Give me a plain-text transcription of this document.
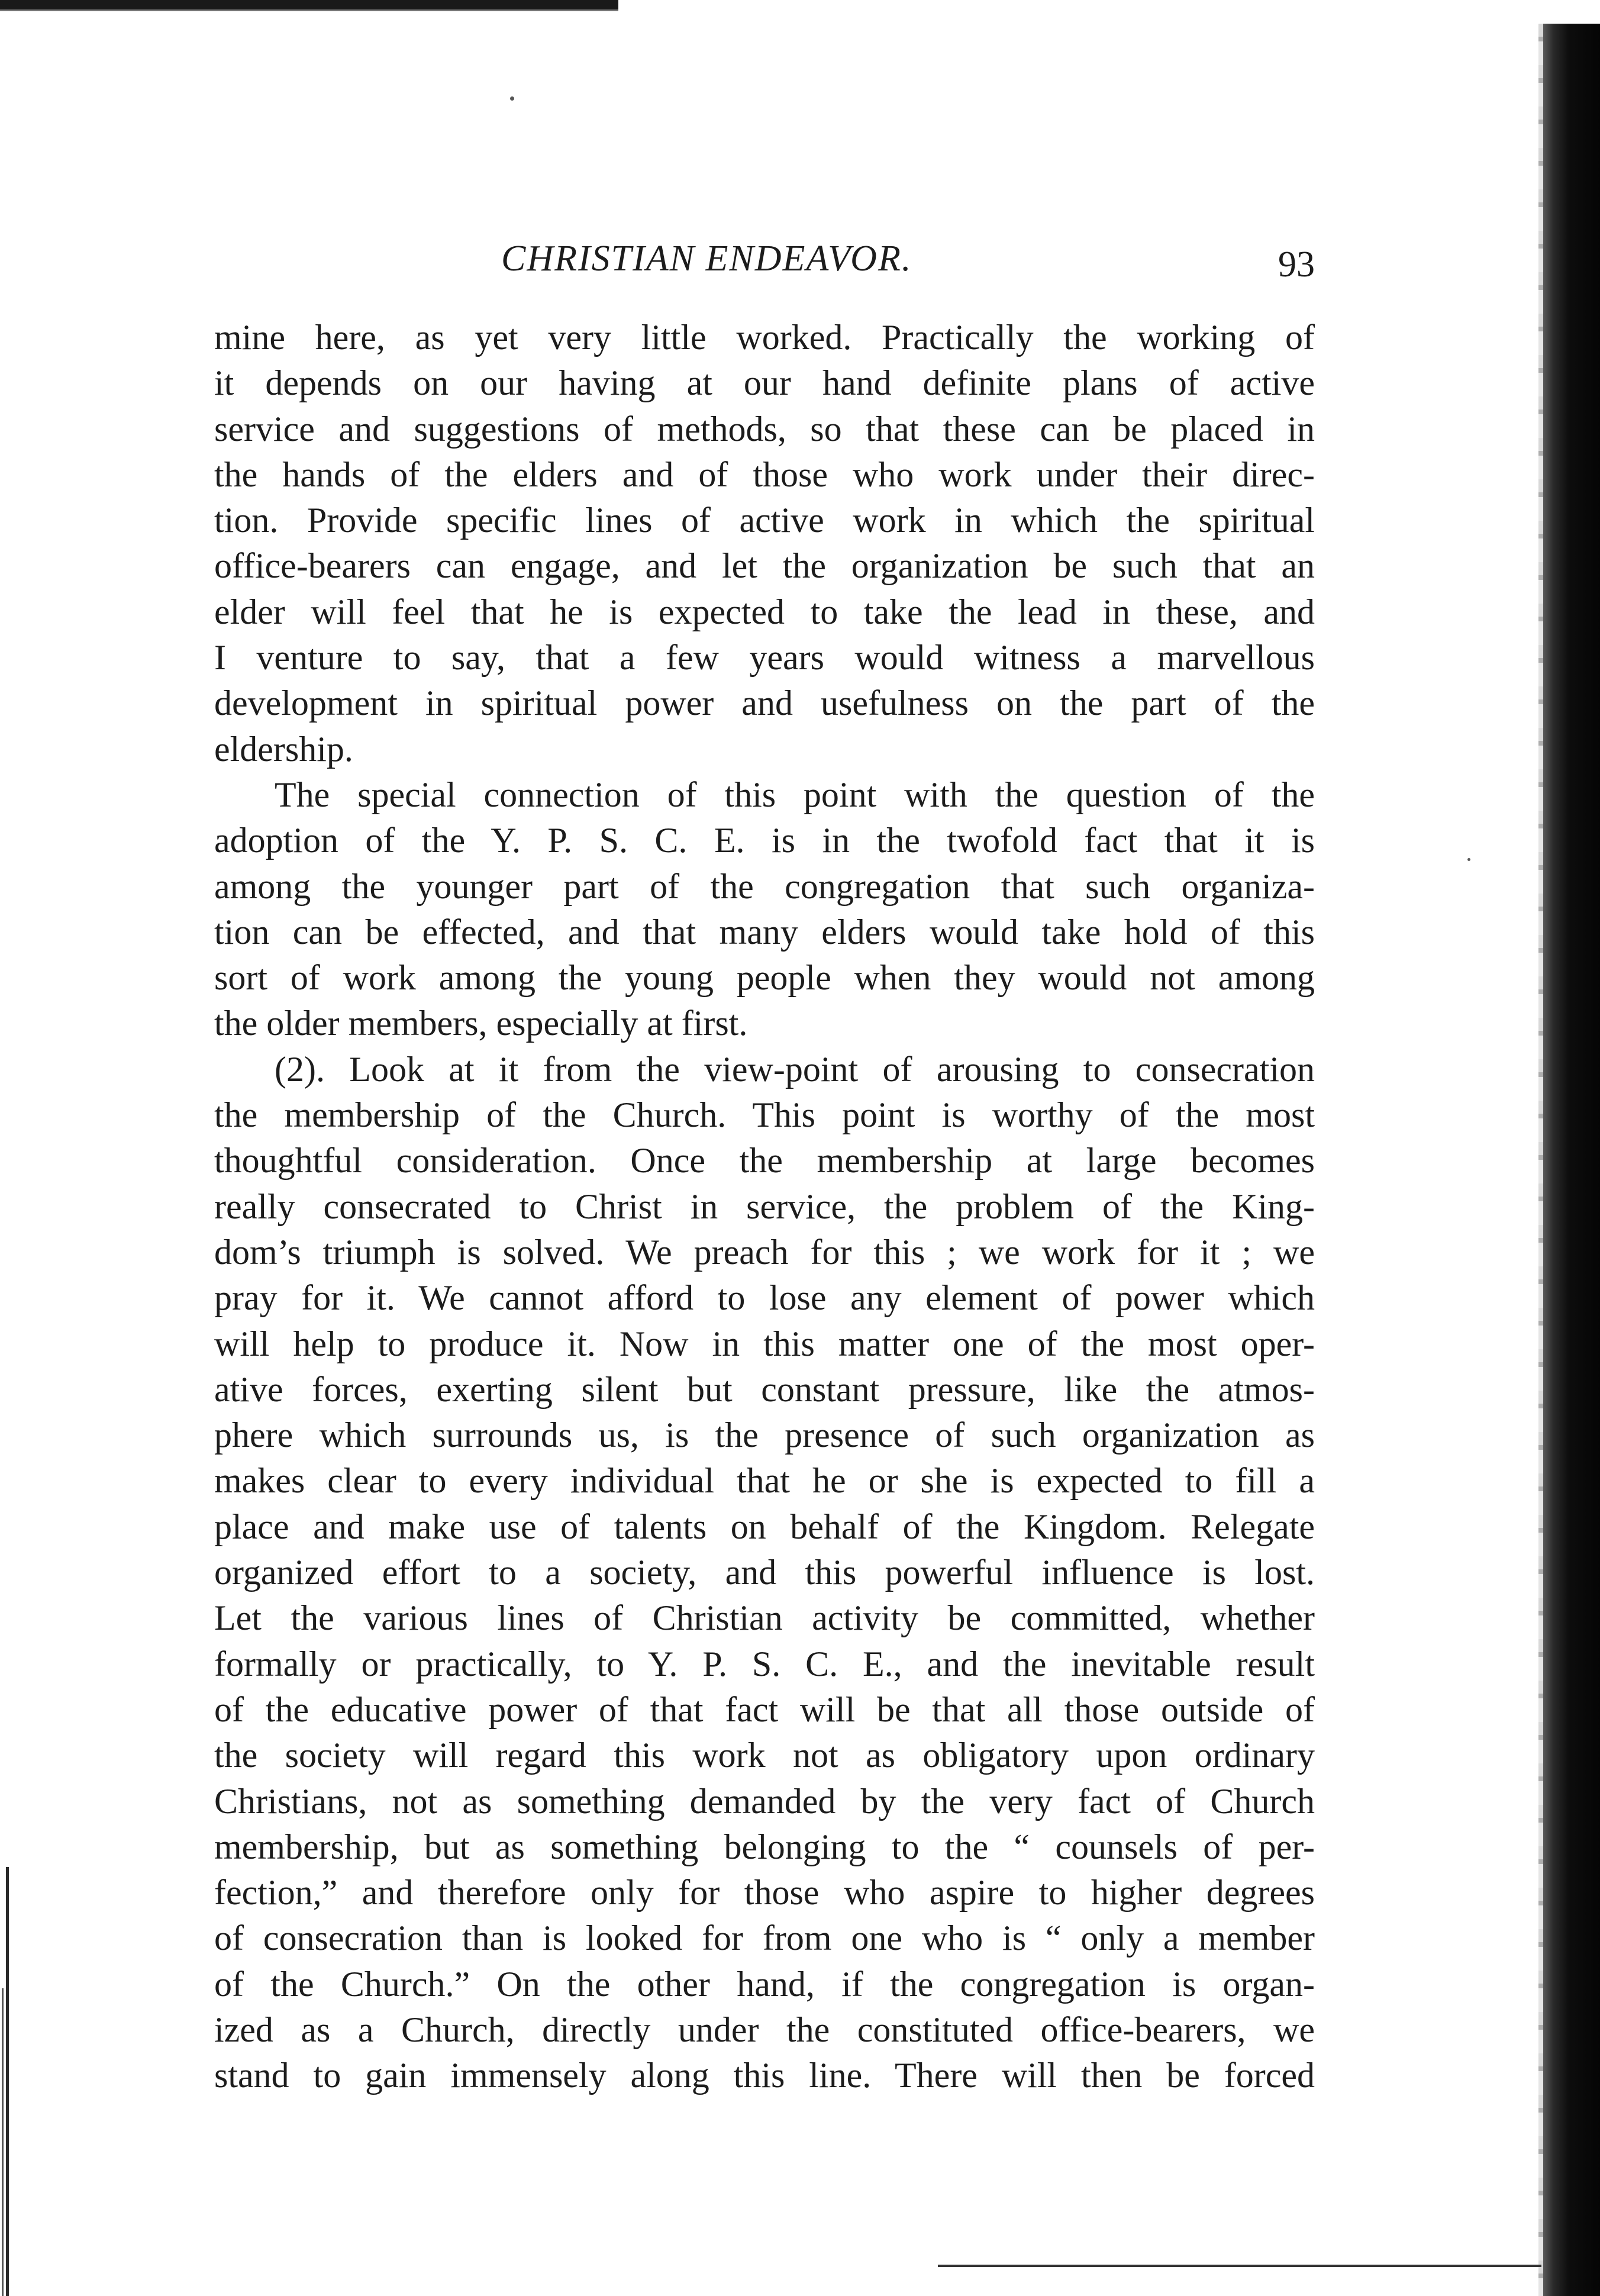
CHRISTIAN ENDEAVOR.	93
mine here, as yet very little worked. Practically the working of
it depends on our having at our hand definite plans of active
service and suggestions of methods, so that these can be placed in
the hands of the elders and of those who work under their direc-
tion. Provide specific lines of active work in which the spiritual
office-bearers can engage, and let the organization be such that an
elder will feel that he is expected to take the lead in these, and
I venture to say, that a few years would witness a marvellous
development in spiritual power and usefulness on the part of the
eldership.
The special connection of this point with the question of the
adoption of the Y. P. S. C. E. is in the twofold fact that it is
among the younger part of the congregation that such organiza-
tion can be effected, and that many elders would take hold of this
sort of work among the young people when they would not among
the older members, especially at first.
(2). Look at it from the view-point of arousing to consecration
the membership of the Church. This point is worthy of the most
thoughtful consideration. Once the membership at large becomes
really consecrated to Christ in service, the problem of the King-
dom’s triumph is solved. We preach for this ; we work for it ; we
pray for it. We cannot afford to lose any element of power which
will help to produce it. Now in this matter one of the most oper-
ative forces, exerting silent but constant pressure, like the atmos-
phere which surrounds us, is the presence of such organization as
makes clear to every individual that he or she is expected to fill a
place and make use of talents on behalf of the Kingdom. Relegate
organized effort to a society, and this powerful influence is lost.
Let the various lines of Christian activity be committed, whether
formally or practically, to Y. P. S. C. E., and the inevitable result
of the educative power of that fact will be that all those outside of
the society will regard this work not as obligatory upon ordinary
Christians, not as something demanded by the very fact of Church
membership, but as something belonging to the “ counsels of per-
fection,” and therefore only for those who aspire to higher degrees
of consecration than is looked for from one who is “ only a member
of the Church.” On the other hand, if the congregation is organ-
ized as a Church, directly under the constituted office-bearers, we
stand to gain immensely along this line. There will then be forced
